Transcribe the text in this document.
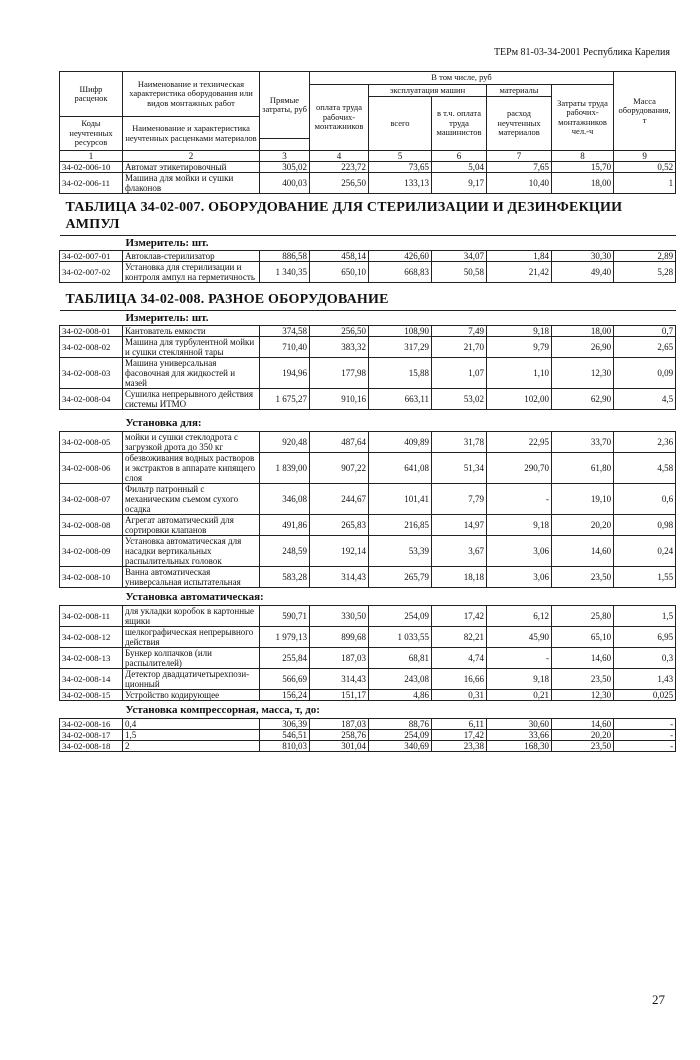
ТЕРм 81-03-34-2001 Республика Карелия
Шифр расценок	Наименование и техническая характеристика оборудования или видов монтажных работ	Прямые затраты, руб	В том числе, руб					Масса оборудования, т
			оплата труда рабочих-монтажников	эксплуатация машин		материалы	Затраты труда рабочих-монтажников чел.-ч	
				всего	в т.ч. оплата труда машинистов	расход неучтенных материалов		
Коды неучтенных ресурсов	Наименование и характеристика неучтенных расценками материалов							

1	2	3	4	5	6	7	8	9
34-02-006-10	Автомат этикетировочный	305,02	223,72	73,65	5,04	7,65	15,70	0,52
34-02-006-11	Машина для мойки и сушки флаконов	400,03	256,50	133,13	9,17	10,40	18,00	1
ТАБЛИЦА 34-02-007. ОБОРУДОВАНИЕ ДЛЯ СТЕРИЛИЗАЦИИ И ДЕЗИНФЕКЦИИ АМПУЛ								
Измеритель: шт.								
34-02-007-01	Автоклав-стерилизатор	886,58	458,14	426,60	34,07	1,84	30,30	2,89
34-02-007-02	Установка для стерилизации и контроля ампул на герметичность	1 340,35	650,10	668,83	50,58	21,42	49,40	5,28
ТАБЛИЦА 34-02-008. РАЗНОЕ ОБОРУДОВАНИЕ								
Измеритель: шт.								
34-02-008-01	Кантователь емкости	374,58	256,50	108,90	7,49	9,18	18,00	0,7
34-02-008-02	Машина для турбулентной мойки и сушки стеклянной тары	710,40	383,32	317,29	21,70	9,79	26,90	2,65
34-02-008-03	Машина универсальная фасовочная для жидкостей и мазей	194,96	177,98	15,88	1,07	1,10	12,30	0,09
34-02-008-04	Сушилка непрерывного действия системы ИТМО	1 675,27	910,16	663,11	53,02	102,00	62,90	4,5
Установка для:								
34-02-008-05	мойки и сушки стеклодрота с загрузкой дрота до 350 кг	920,48	487,64	409,89	31,78	22,95	33,70	2,36
34-02-008-06	обезвоживания водных растворов и экстрактов в аппарате кипящего слоя	1 839,00	907,22	641,08	51,34	290,70	61,80	4,58
34-02-008-07	Фильтр патронный с механическим съемом сухого осадка	346,08	244,67	101,41	7,79	-	19,10	0,6
34-02-008-08	Агрегат автоматический для сортировки клапанов	491,86	265,83	216,85	14,97	9,18	20,20	0,98
34-02-008-09	Установка автоматическая для насадки вертикальных распылительных головок	248,59	192,14	53,39	3,67	3,06	14,60	0,24
34-02-008-10	Ванна автоматическая универсальная испытательная	583,28	314,43	265,79	18,18	3,06	23,50	1,55
Установка автоматическая:								
34-02-008-11	для укладки коробок в картонные ящики	590,71	330,50	254,09	17,42	6,12	25,80	1,5
34-02-008-12	шелкографическая непрерывного действия	1 979,13	899,68	1 033,55	82,21	45,90	65,10	6,95
34-02-008-13	Бункер колпачков (или распылителей)	255,84	187,03	68,81	4,74	-	14,60	0,3
34-02-008-14	Детектор двадцатичетырехпози-ционный	566,69	314,43	243,08	16,66	9,18	23,50	1,43
34-02-008-15	Устройство кодирующее	156,24	151,17	4,86	0,31	0,21	12,30	0,025
Установка компрессорная, масса, т, до:								
34-02-008-16	0,4	306,39	187,03	88,76	6,11	30,60	14,60	-
34-02-008-17	1,5	546,51	258,76	254,09	17,42	33,66	20,20	-
34-02-008-18	2	810,03	301,04	340,69	23,38	168,30	23,50	-
27
